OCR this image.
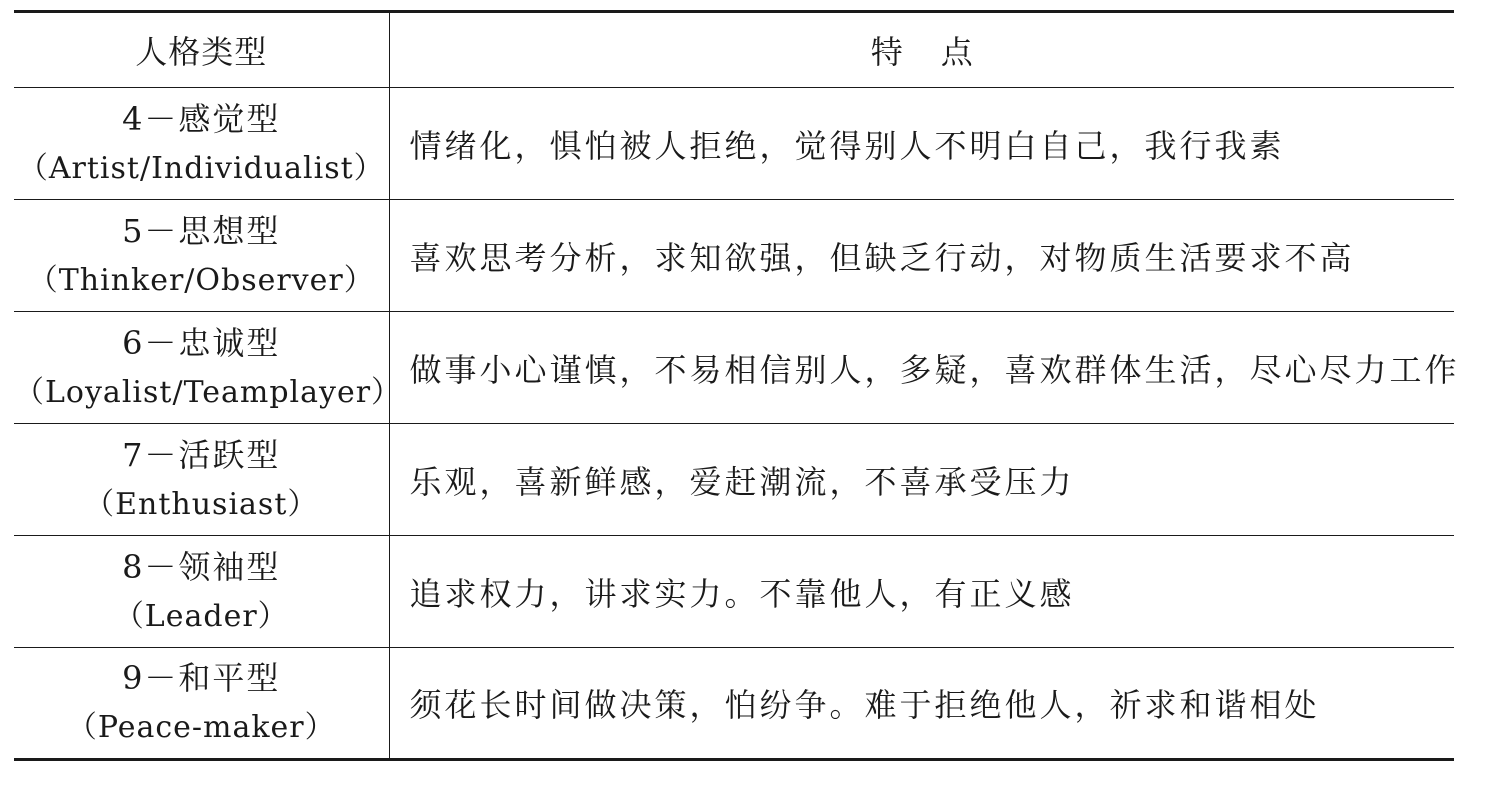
人格类型	特点

4－感觉型
（Artist/Individualist）	情绪化，惧怕被人拒绝，觉得别人不明白自己，我行我素

5－思想型
（Thinker/Observer）	喜欢思考分析，求知欲强，但缺乏行动，对物质生活要求不高

6－忠诚型
（Loyalist/Teamplayer）	做事小心谨慎，不易相信别人，多疑，喜欢群体生活，尽心尽力工作

7－活跃型
（Enthusiast）	乐观，喜新鲜感，爱赶潮流，不喜承受压力

8－领袖型
（Leader）	追求权力，讲求实力。不靠他人，有正义感

9－和平型
（Peace-maker）	须花长时间做决策，怕纷争。难于拒绝他人，祈求和谐相处
